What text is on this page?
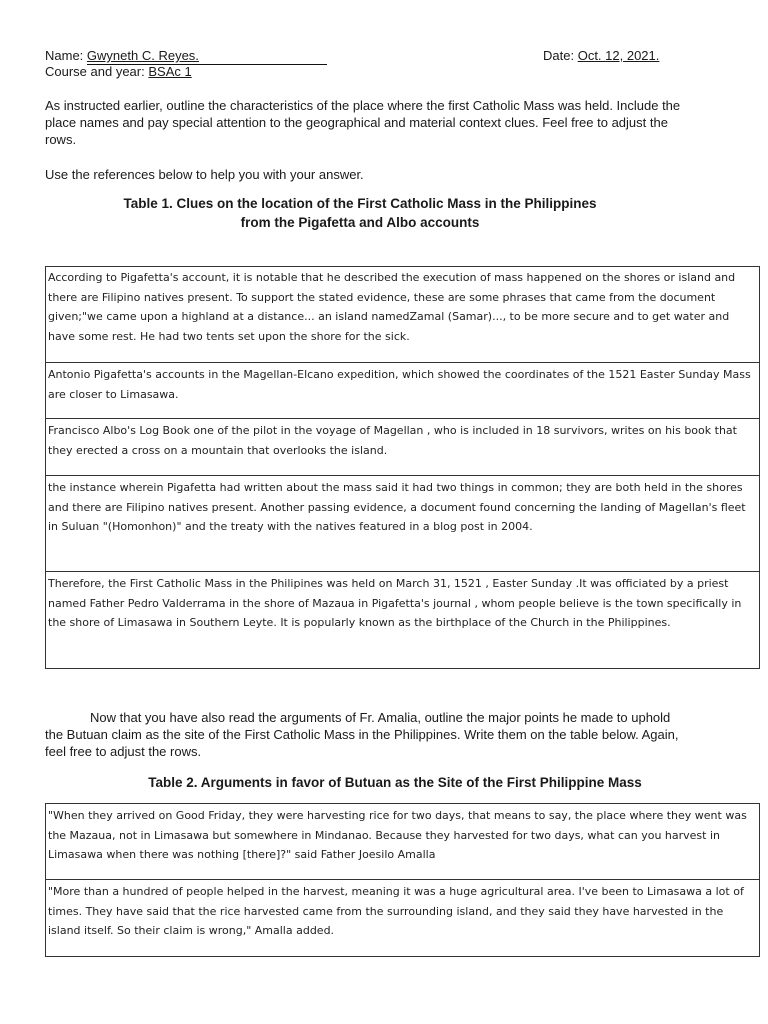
Name: Gwyneth C. Reyes.	Date: Oct. 12, 2021.
Course and year: BSAc 1

As instructed earlier, outline the characteristics of the place where the first Catholic Mass was held. Include the place names and pay special attention to the geographical and material context clues. Feel free to adjust the rows.

Use the references below to help you with your answer.

Table 1. Clues on the location of the First Catholic Mass in the Philippines
from the Pigafetta and Albo accounts

According to Pigafetta's account, it is notable that he described the execution of mass happened on the shores or island and there are Filipino natives present. To support the stated evidence, these are some phrases that came from the document given;"we came upon a highland at a distance... an island namedZamal (Samar)..., to be more secure and to get water and have some rest. He had two tents set upon the shore for the sick.
Antonio Pigafetta's accounts in the Magellan-Elcano expedition, which showed the coordinates of the 1521 Easter Sunday Mass are closer to Limasawa.
Francisco Albo's Log Book one of the pilot in the voyage of Magellan , who is included in 18 survivors, writes on his book that they erected a cross on a mountain that overlooks the island.
the instance wherein Pigafetta had written about the mass said it had two things in common; they are both held in the shores and there are Filipino natives present. Another passing evidence, a document found concerning the landing of Magellan's fleet in Suluan "(Homonhon)" and the treaty with the natives featured in a blog post in 2004.
Therefore, the First Catholic Mass in the Philipines was held on March 31, 1521 , Easter Sunday .It was officiated by a priest named Father Pedro Valderrama in the shore of Mazaua in Pigafetta's journal , whom people believe is the town specifically in the shore of Limasawa in Southern Leyte. It is popularly known as the birthplace of the Church in the Philippines.

Now that you have also read the arguments of Fr. Amalia, outline the major points he made to uphold the Butuan claim as the site of the First Catholic Mass in the Philippines. Write them on the table below. Again, feel free to adjust the rows.

Table 2. Arguments in favor of Butuan as the Site of the First Philippine Mass

"When they arrived on Good Friday, they were harvesting rice for two days, that means to say, the place where they went was the Mazaua, not in Limasawa but somewhere in Mindanao. Because they harvested for two days, what can you harvest in Limasawa when there was nothing [there]?" said Father Joesilo Amalla
"More than a hundred of people helped in the harvest, meaning it was a huge agricultural area. I've been to Limasawa a lot of times. They have said that the rice harvested came from the surrounding island, and they said they have harvested in the island itself. So their claim is wrong," Amalla added.
